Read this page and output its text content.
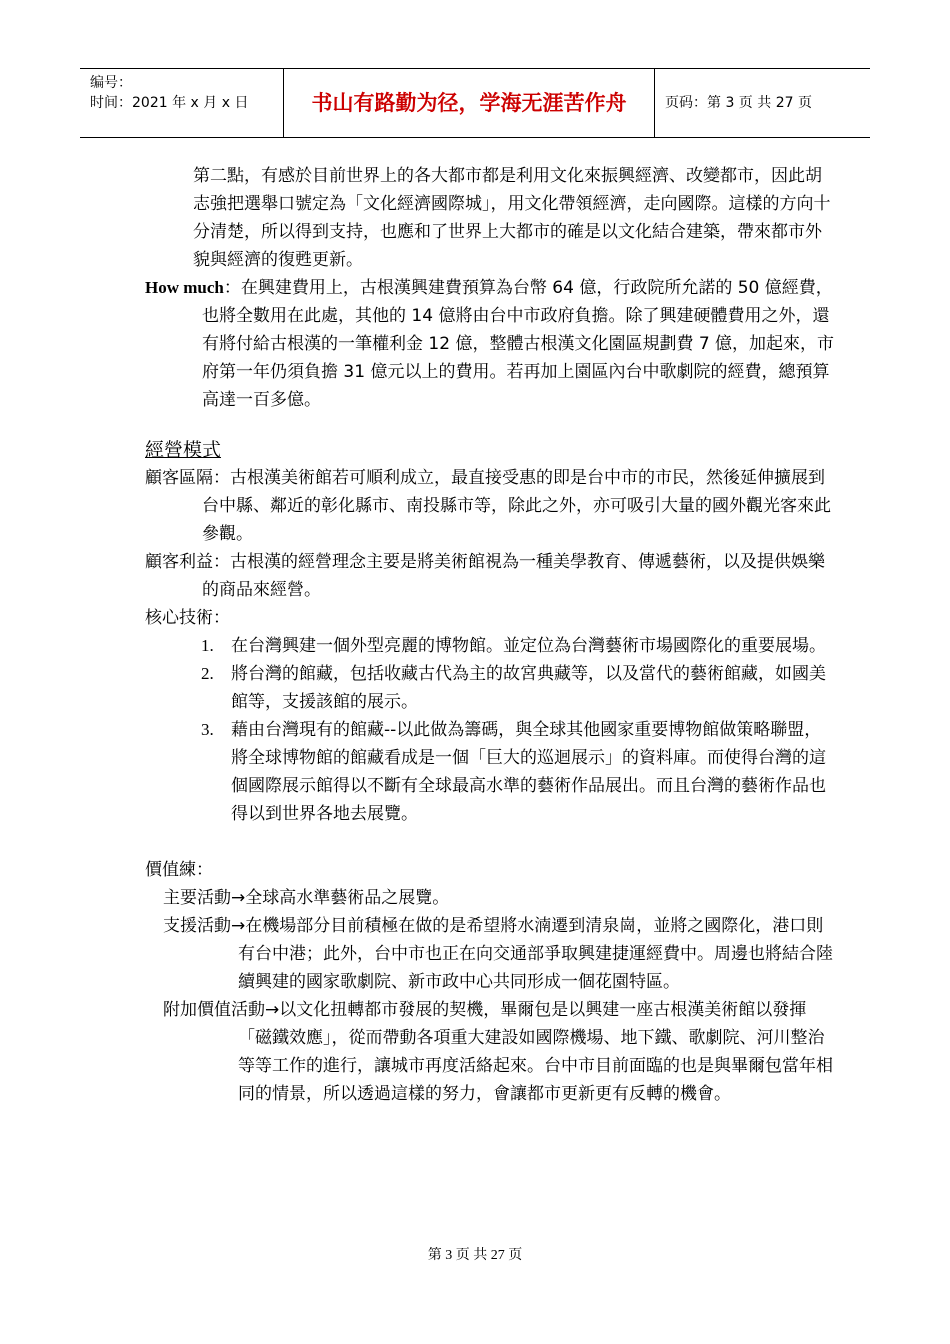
编号：
时间：2021 年 x 月 x 日	书山有路勤为径，学海无涯苦作舟	页码：第 3 页 共 27 页

第二點，有感於目前世界上的各大都市都是利用文化來振興經濟、改變都市，因此胡志強把選舉口號定為「文化經濟國際城」，用文化帶領經濟，走向國際。這樣的方向十分清楚，所以得到支持，也應和了世界上大都市的確是以文化結合建築，帶來都市外貌與經濟的復甦更新。

How much：在興建費用上，古根漢興建費預算為台幣 64 億，行政院所允諾的 50 億經費，也將全數用在此處，其他的 14 億將由台中市政府負擔。除了興建硬體費用之外，還有將付給古根漢的一筆權利金 12 億，整體古根漢文化園區規劃費 7 億，加起來，市府第一年仍須負擔 31 億元以上的費用。若再加上園區內台中歌劇院的經費，總預算高達一百多億。

經營模式

顧客區隔：古根漢美術館若可順利成立，最直接受惠的即是台中市的市民，然後延伸擴展到台中縣、鄰近的彰化縣市、南投縣市等，除此之外，亦可吸引大量的國外觀光客來此參觀。

顧客利益：古根漢的經營理念主要是將美術館視為一種美學教育、傳遞藝術，以及提供娛樂的商品來經營。

核心技術：

1. 在台灣興建一個外型亮麗的博物館。並定位為台灣藝術市場國際化的重要展場。
2. 將台灣的館藏，包括收藏古代為主的故宮典藏等，以及當代的藝術館藏，如國美館等，支援該館的展示。
3. 藉由台灣現有的館藏--以此做為籌碼，與全球其他國家重要博物館做策略聯盟，將全球博物館的館藏看成是一個「巨大的巡迴展示」的資料庫。而使得台灣的這個國際展示館得以不斷有全球最高水準的藝術作品展出。而且台灣的藝術作品也得以到世界各地去展覽。

價值練：

主要活動→全球高水準藝術品之展覽。

支援活動→在機場部分目前積極在做的是希望將水湳遷到清泉崗，並將之國際化，港口則有台中港；此外，台中市也正在向交通部爭取興建捷運經費中。周邊也將結合陸續興建的國家歌劇院、新市政中心共同形成一個花園特區。

附加價值活動→以文化扭轉都市發展的契機，畢爾包是以興建一座古根漢美術館以發揮「磁鐵效應」，從而帶動各項重大建設如國際機場、地下鐵、歌劇院、河川整治等等工作的進行，讓城市再度活絡起來。台中市目前面臨的也是與畢爾包當年相同的情景，所以透過這樣的努力，會讓都市更新更有反轉的機會。

第 3 页 共 27 页
